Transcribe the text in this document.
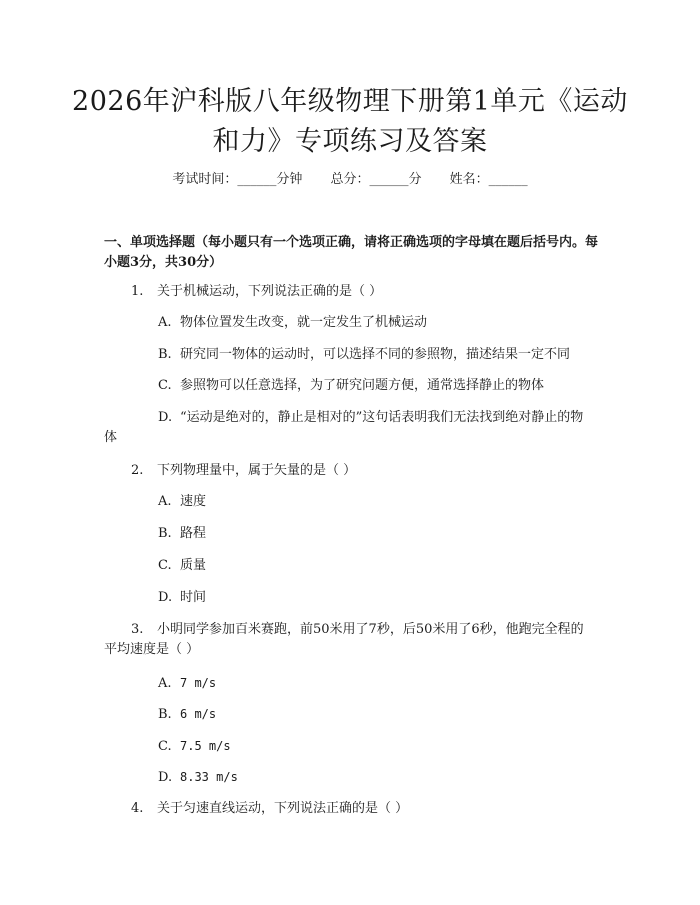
2026年沪科版八年级物理下册第1单元《运动和力》专项练习及答案
考试时间：______分钟 总分：______分 姓名：______
一、单项选择题（每小题只有一个选项正确，请将正确选项的字母填在题后括号内。每小题3分，共30分）
1. 关于机械运动，下列说法正确的是（ ）
A. 物体位置发生改变，就一定发生了机械运动
B. 研究同一物体的运动时，可以选择不同的参照物，描述结果一定不同
C. 参照物可以任意选择，为了研究问题方便，通常选择静止的物体
D. “运动是绝对的，静止是相对的”这句话表明我们无法找到绝对静止的物体
2. 下列物理量中，属于矢量的是（ ）
A. 速度
B. 路程
C. 质量
D. 时间
3. 小明同学参加百米赛跑，前50米用了7秒，后50米用了6秒，他跑完全程的平均速度是（ ）
A. 7 m/s
B. 6 m/s
C. 7.5 m/s
D. 8.33 m/s
4. 关于匀速直线运动，下列说法正确的是（ ）
